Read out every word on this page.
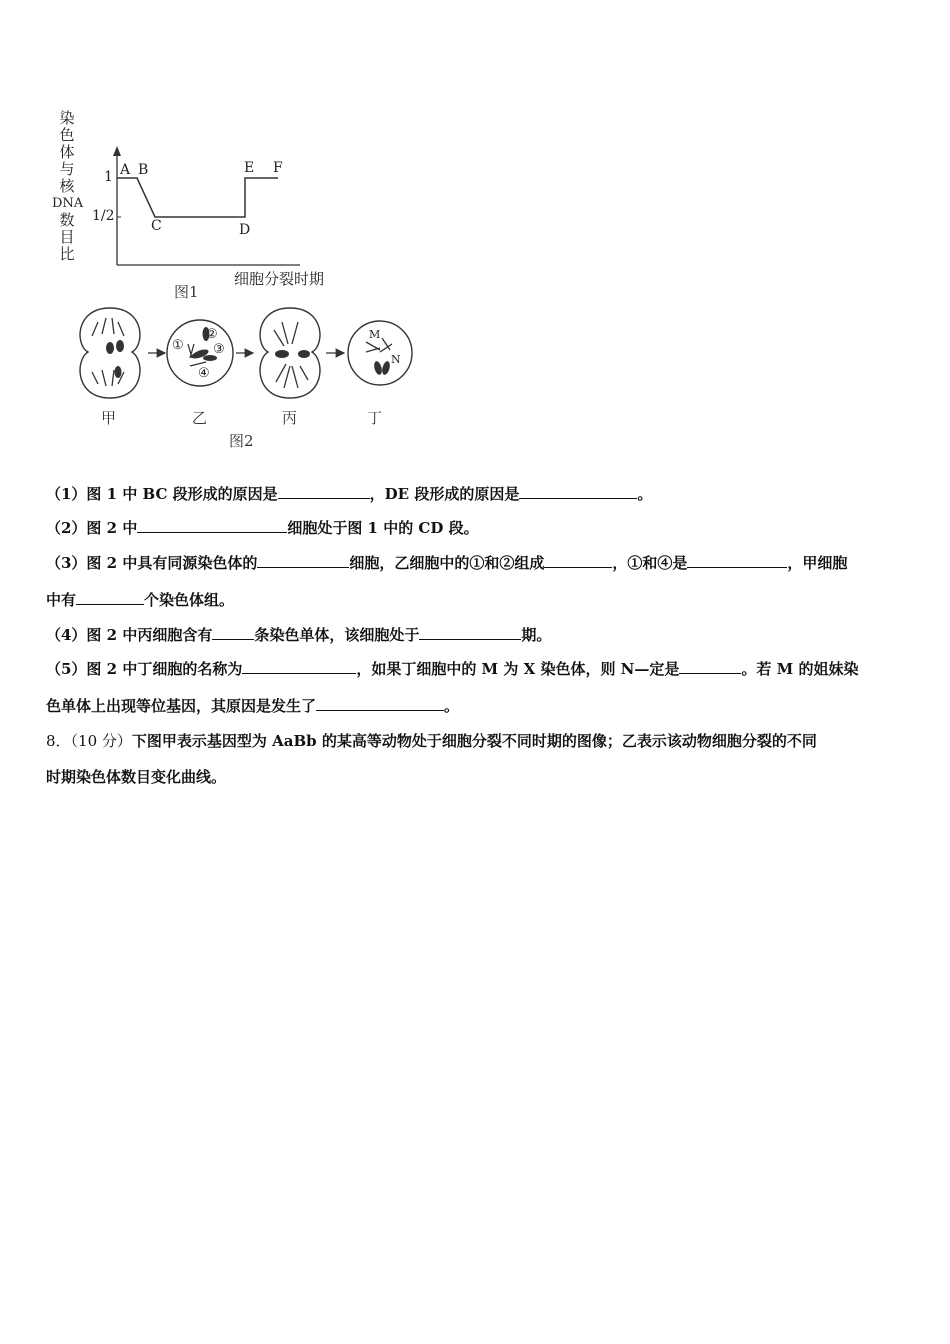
染
色
体
与
核
DNA
数
目
比
1
1/2
A B
C	D
E F
细胞分裂时期
图1
①
②
③
④
M
N
甲	乙	丙	丁
图2
（1）图 1 中 BC 段形成的原因是	，DE 段形成的原因是	。
（2）图 2 中	细胞处于图 1 中的 CD 段。
（3）图 2 中具有同源染色体的	细胞，乙细胞中的①和②组成	，①和④是	，甲细胞
中有	个染色体组。
（4）图 2 中丙细胞含有	条染色单体，该细胞处于	期。
（5）图 2 中丁细胞的名称为	，如果丁细胞中的 M 为 X 染色体，则 N—定是	。若 M 的姐妹染
色单体上出现等位基因，其原因是发生了	。
8．（10 分）下图甲表示基因型为 AaBb 的某高等动物处于细胞分裂不同时期的图像；乙表示该动物细胞分裂的不同
时期染色体数目变化曲线。
